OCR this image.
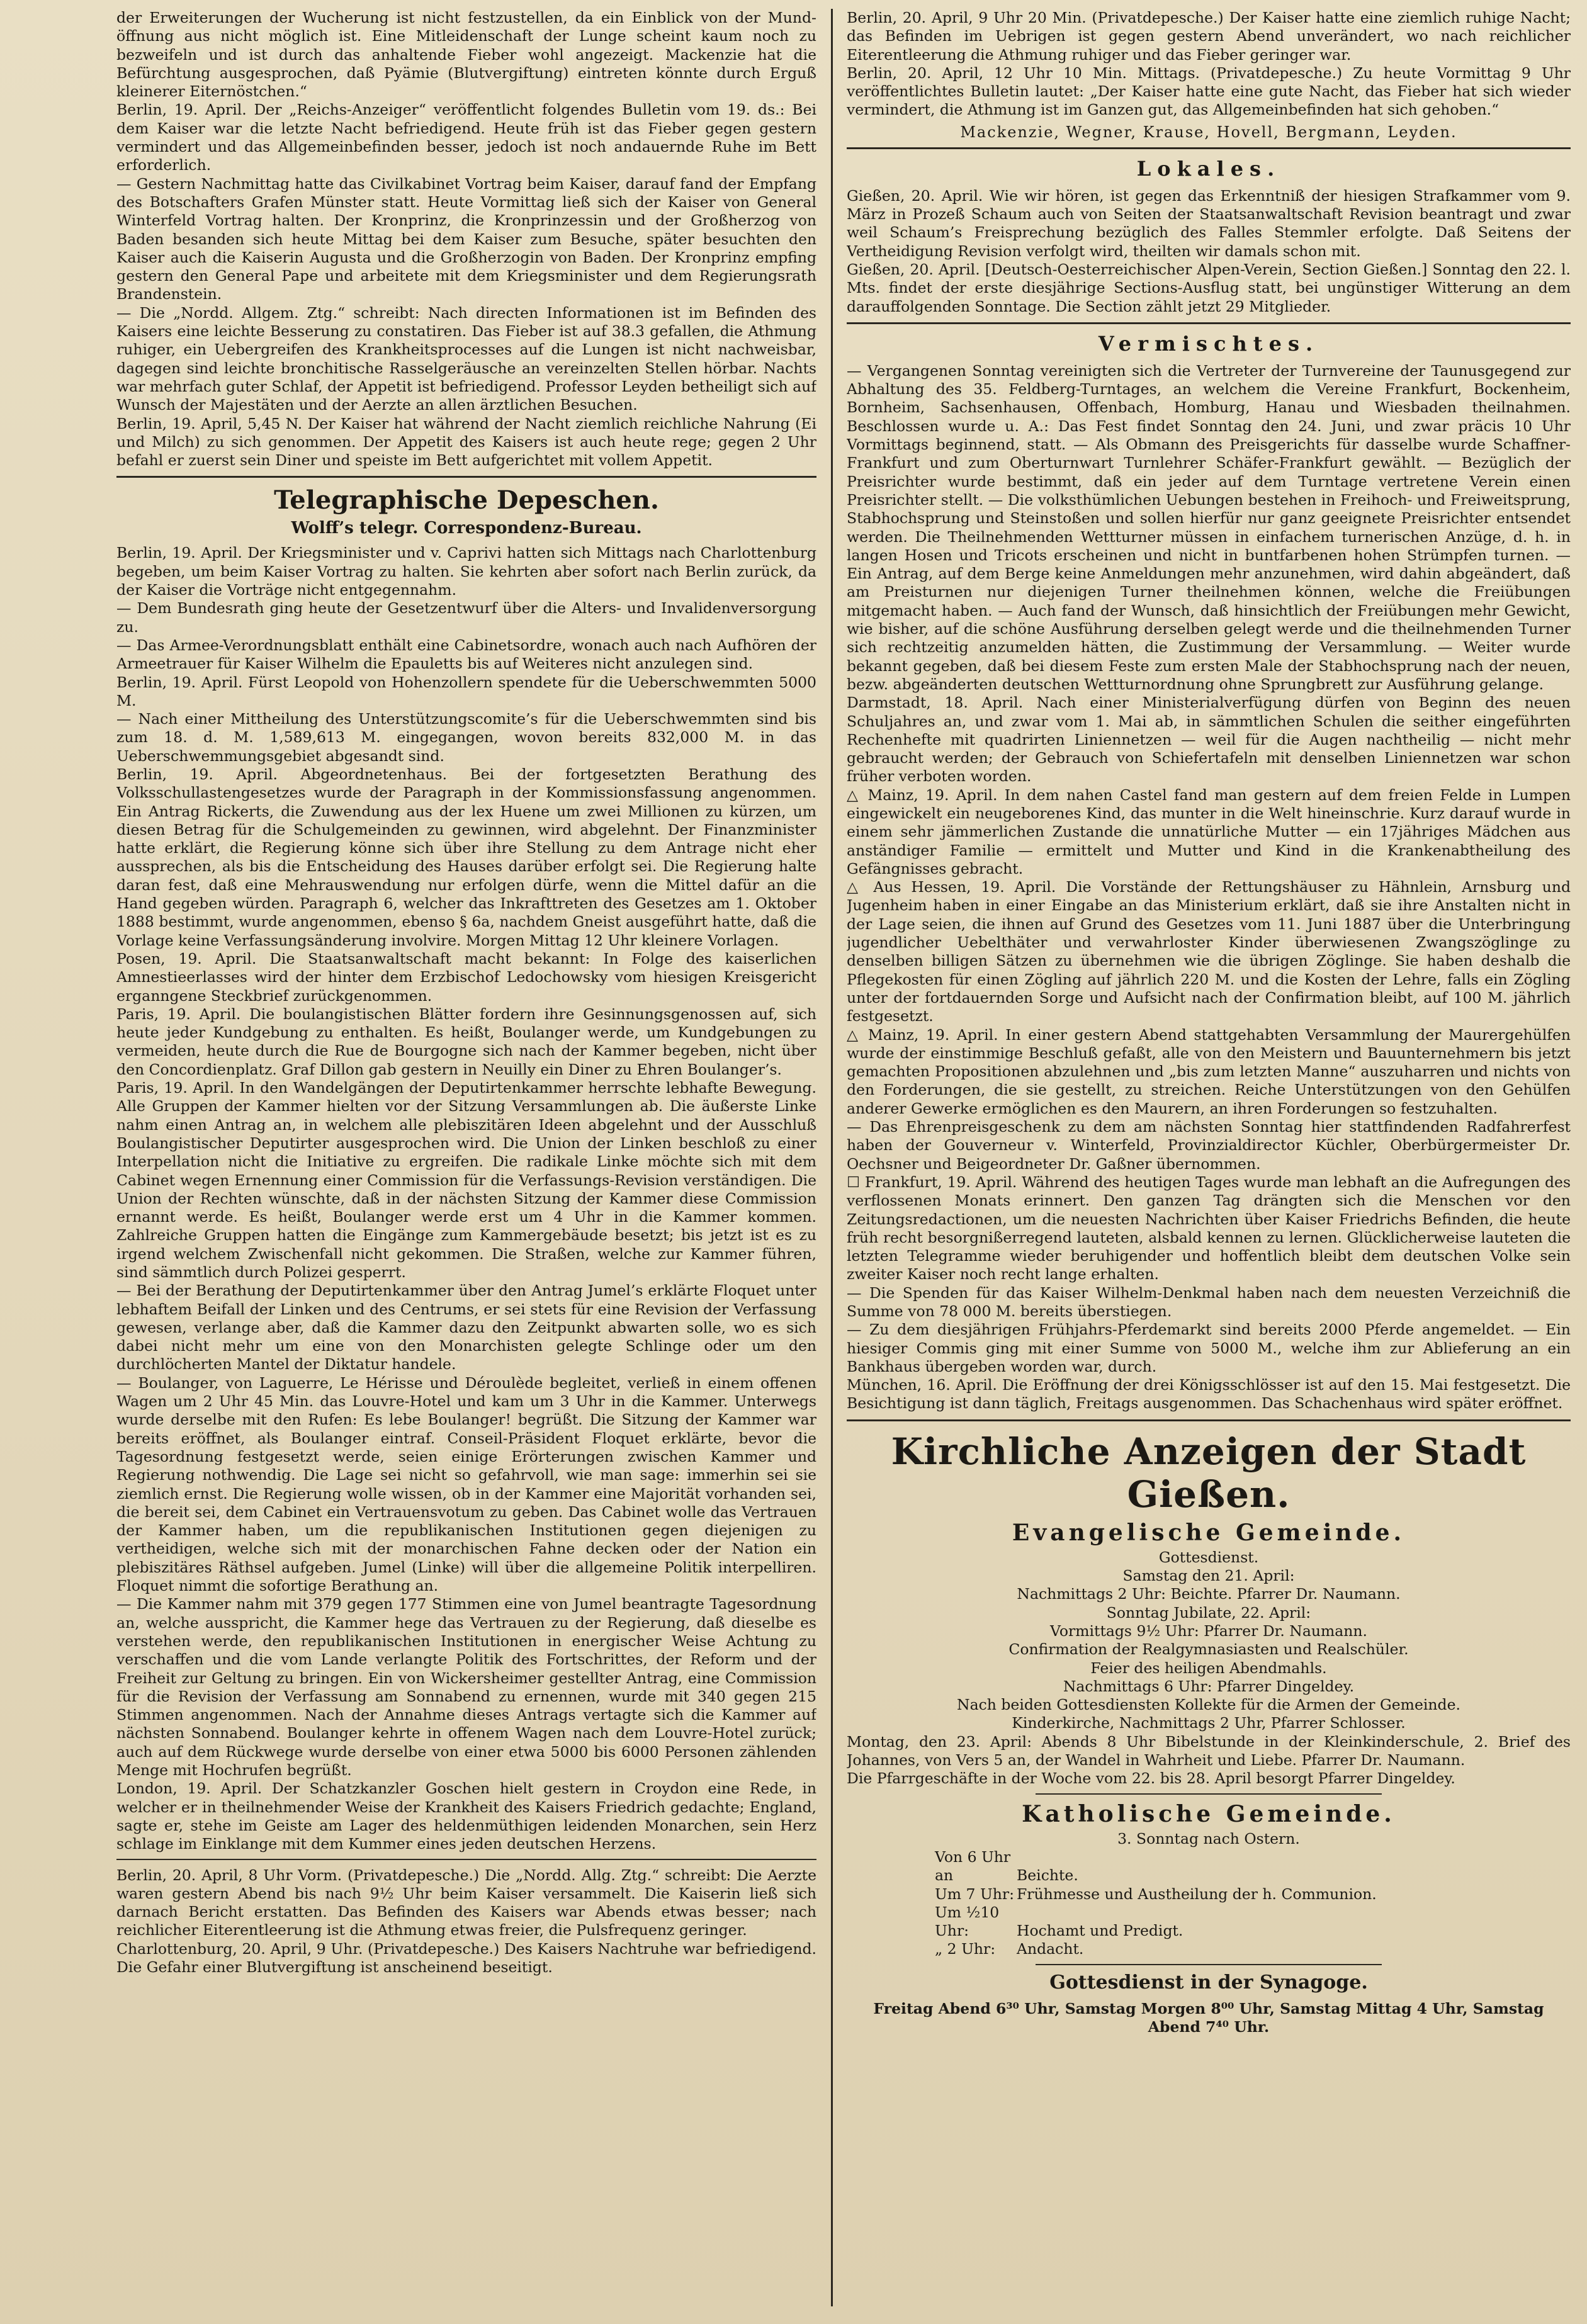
der Erweiterungen der Wucherung ist nicht festzustellen, da ein Einblick von der Mund-öffnung aus nicht möglich ist. Eine Mitleidenschaft der Lunge scheint kaum noch zu bezweifeln und ist durch das anhaltende Fieber wohl angezeigt. Mackenzie hat die Befürchtung ausgesprochen, daß Pyämie (Blutvergiftung) eintreten könnte durch Erguß kleinerer Eiternöstchen.“

Berlin, 19. April. Der „Reichs-Anzeiger“ veröffentlicht folgendes Bulletin vom 19. ds.: Bei dem Kaiser war die letzte Nacht befriedigend. Heute früh ist das Fieber gegen gestern vermindert und das Allgemeinbefinden besser, jedoch ist noch andauernde Ruhe im Bett erforderlich.

— Gestern Nachmittag hatte das Civilkabinet Vortrag beim Kaiser, darauf fand der Empfang des Botschafters Grafen Münster statt. Heute Vormittag ließ sich der Kaiser von General Winterfeld Vortrag halten. Der Kronprinz, die Kronprinzessin und der Großherzog von Baden besanden sich heute Mittag bei dem Kaiser zum Besuche, später besuchten den Kaiser auch die Kaiserin Augusta und die Großherzogin von Baden. Der Kronprinz empfing gestern den General Pape und arbeitete mit dem Kriegsminister und dem Regierungsrath Brandenstein.

— Die „Nordd. Allgem. Ztg.“ schreibt: Nach directen Informationen ist im Befinden des Kaisers eine leichte Besserung zu constatiren. Das Fieber ist auf 38.3 gefallen, die Athmung ruhiger, ein Uebergreifen des Krankheitsprocesses auf die Lungen ist nicht nachweisbar, dagegen sind leichte bronchitische Rasselgeräusche an vereinzelten Stellen hörbar. Nachts war mehrfach guter Schlaf, der Appetit ist befriedigend. Professor Leyden betheiligt sich auf Wunsch der Majestäten und der Aerzte an allen ärztlichen Besuchen.

Berlin, 19. April, 5,45 N. Der Kaiser hat während der Nacht ziemlich reichliche Nahrung (Ei und Milch) zu sich genommen. Der Appetit des Kaisers ist auch heute rege; gegen 2 Uhr befahl er zuerst sein Diner und speiste im Bett aufgerichtet mit vollem Appetit.

Telegraphische Depeschen.
Wolff’s telegr. Correspondenz-Bureau.

Berlin, 19. April. Der Kriegsminister und v. Caprivi hatten sich Mittags nach Charlottenburg begeben, um beim Kaiser Vortrag zu halten. Sie kehrten aber sofort nach Berlin zurück, da der Kaiser die Vorträge nicht entgegennahm.

— Dem Bundesrath ging heute der Gesetzentwurf über die Alters- und Invalidenversorgung zu.

— Das Armee-Verordnungsblatt enthält eine Cabinetsordre, wonach auch nach Aufhören der Armeetrauer für Kaiser Wilhelm die Epauletts bis auf Weiteres nicht anzulegen sind.

Berlin, 19. April. Fürst Leopold von Hohenzollern spendete für die Ueberschwemmten 5000 M.

— Nach einer Mittheilung des Unterstützungscomite’s für die Ueberschwemmten sind bis zum 18. d. M. 1,589,613 M. eingegangen, wovon bereits 832,000 M. in das Ueberschwemmungsgebiet abgesandt sind.

Berlin, 19. April. Abgeordnetenhaus. Bei der fortgesetzten Berathung des Volksschullastengesetzes wurde der Paragraph in der Kommissionsfassung angenommen. Ein Antrag Rickerts, die Zuwendung aus der lex Huene um zwei Millionen zu kürzen, um diesen Betrag für die Schulgemeinden zu gewinnen, wird abgelehnt. Der Finanzminister hatte erklärt, die Regierung könne sich über ihre Stellung zu dem Antrage nicht eher aussprechen, als bis die Entscheidung des Hauses darüber erfolgt sei. Die Regierung halte daran fest, daß eine Mehrauswendung nur erfolgen dürfe, wenn die Mittel dafür an die Hand gegeben würden. Paragraph 6, welcher das Inkrafttreten des Gesetzes am 1. Oktober 1888 bestimmt, wurde angenommen, ebenso § 6a, nachdem Gneist ausgeführt hatte, daß die Vorlage keine Verfassungsänderung involvire. Morgen Mittag 12 Uhr kleinere Vorlagen.

Posen, 19. April. Die Staatsanwaltschaft macht bekannt: In Folge des kaiserlichen Amnestieerlasses wird der hinter dem Erzbischof Ledochowsky vom hiesigen Kreisgericht erganngene Steckbrief zurückgenommen.

Paris, 19. April. Die boulangistischen Blätter fordern ihre Gesinnungsgenossen auf, sich heute jeder Kundgebung zu enthalten. Es heißt, Boulanger werde, um Kundgebungen zu vermeiden, heute durch die Rue de Bourgogne sich nach der Kammer begeben, nicht über den Concordienplatz. Graf Dillon gab gestern in Neuilly ein Diner zu Ehren Boulanger’s.

Paris, 19. April. In den Wandelgängen der Deputirtenkammer herrschte lebhafte Bewegung. Alle Gruppen der Kammer hielten vor der Sitzung Versammlungen ab. Die äußerste Linke nahm einen Antrag an, in welchem alle plebiszitären Ideen abgelehnt und der Ausschluß Boulangistischer Deputirter ausgesprochen wird. Die Union der Linken beschloß zu einer Interpellation nicht die Initiative zu ergreifen. Die radikale Linke möchte sich mit dem Cabinet wegen Ernennung einer Commission für die Verfassungs-Revision verständigen. Die Union der Rechten wünschte, daß in der nächsten Sitzung der Kammer diese Commission ernannt werde. Es heißt, Boulanger werde erst um 4 Uhr in die Kammer kommen. Zahlreiche Gruppen hatten die Eingänge zum Kammergebäude besetzt; bis jetzt ist es zu irgend welchem Zwischenfall nicht gekommen. Die Straßen, welche zur Kammer führen, sind sämmtlich durch Polizei gesperrt.

— Bei der Berathung der Deputirtenkammer über den Antrag Jumel’s erklärte Floquet unter lebhaftem Beifall der Linken und des Centrums, er sei stets für eine Revision der Verfassung gewesen, verlange aber, daß die Kammer dazu den Zeitpunkt abwarten solle, wo es sich dabei nicht mehr um eine von den Monarchisten gelegte Schlinge oder um den durchlöcherten Mantel der Diktatur handele.

— Boulanger, von Laguerre, Le Hérisse und Déroulède begleitet, verließ in einem offenen Wagen um 2 Uhr 45 Min. das Louvre-Hotel und kam um 3 Uhr in die Kammer. Unterwegs wurde derselbe mit den Rufen: Es lebe Boulanger! begrüßt. Die Sitzung der Kammer war bereits eröffnet, als Boulanger eintraf. Conseil-Präsident Floquet erklärte, bevor die Tagesordnung festgesetzt werde, seien einige Erörterungen zwischen Kammer und Regierung nothwendig. Die Lage sei nicht so gefahrvoll, wie man sage: immerhin sei sie ziemlich ernst. Die Regierung wolle wissen, ob in der Kammer eine Majorität vorhanden sei, die bereit sei, dem Cabinet ein Vertrauensvotum zu geben. Das Cabinet wolle das Vertrauen der Kammer haben, um die republikanischen Institutionen gegen diejenigen zu vertheidigen, welche sich mit der monarchischen Fahne decken oder der Nation ein plebiszitäres Räthsel aufgeben. Jumel (Linke) will über die allgemeine Politik interpelliren. Floquet nimmt die sofortige Berathung an.

— Die Kammer nahm mit 379 gegen 177 Stimmen eine von Jumel beantragte Tagesordnung an, welche ausspricht, die Kammer hege das Vertrauen zu der Regierung, daß dieselbe es verstehen werde, den republikanischen Institutionen in energischer Weise Achtung zu verschaffen und die vom Lande verlangte Politik des Fortschrittes, der Reform und der Freiheit zur Geltung zu bringen. Ein von Wickersheimer gestellter Antrag, eine Commission für die Revision der Verfassung am Sonnabend zu ernennen, wurde mit 340 gegen 215 Stimmen angenommen. Nach der Annahme dieses Antrags vertagte sich die Kammer auf nächsten Sonnabend. Boulanger kehrte in offenem Wagen nach dem Louvre-Hotel zurück; auch auf dem Rückwege wurde derselbe von einer etwa 5000 bis 6000 Personen zählenden Menge mit Hochrufen begrüßt.

London, 19. April. Der Schatzkanzler Goschen hielt gestern in Croydon eine Rede, in welcher er in theilnehmender Weise der Krankheit des Kaisers Friedrich gedachte; England, sagte er, stehe im Geiste am Lager des heldenmüthigen leidenden Monarchen, sein Herz schlage im Einklange mit dem Kummer eines jeden deutschen Herzens.

Berlin, 20. April, 8 Uhr Vorm. (Privatdepesche.) Die „Nordd. Allg. Ztg.“ schreibt: Die Aerzte waren gestern Abend bis nach 9½ Uhr beim Kaiser versammelt. Die Kaiserin ließ sich darnach Bericht erstatten. Das Befinden des Kaisers war Abends etwas besser; nach reichlicher Eiterentleerung ist die Athmung etwas freier, die Pulsfrequenz geringer.

Charlottenburg, 20. April, 9 Uhr. (Privatdepesche.) Des Kaisers Nachtruhe war befriedigend. Die Gefahr einer Blutvergiftung ist anscheinend beseitigt.

Berlin, 20. April, 9 Uhr 20 Min. (Privatdepesche.) Der Kaiser hatte eine ziemlich ruhige Nacht; das Befinden im Uebrigen ist gegen gestern Abend unverändert, wo nach reichlicher Eiterentleerung die Athmung ruhiger und das Fieber geringer war.

Berlin, 20. April, 12 Uhr 10 Min. Mittags. (Privatdepesche.) Zu heute Vormittag 9 Uhr veröffentlichtes Bulletin lautet: „Der Kaiser hatte eine gute Nacht, das Fieber hat sich wieder vermindert, die Athmung ist im Ganzen gut, das Allgemeinbefinden hat sich gehoben.“

Mackenzie, Wegner, Krause, Hovell, Bergmann, Leyden.
Lokales.

Gießen, 20. April. Wie wir hören, ist gegen das Erkenntniß der hiesigen Strafkammer vom 9. März in Prozeß Schaum auch von Seiten der Staatsanwaltschaft Revision beantragt und zwar weil Schaum’s Freisprechung bezüglich des Falles Stemmler erfolgte. Daß Seitens der Vertheidigung Revision verfolgt wird, theilten wir damals schon mit.

Gießen, 20. April. [Deutsch-Oesterreichischer Alpen-Verein, Section Gießen.] Sonntag den 22. l. Mts. findet der erste diesjährige Sections-Ausflug statt, bei ungünstiger Witterung an dem darauffolgenden Sonntage. Die Section zählt jetzt 29 Mitglieder.

Vermischtes.

— Vergangenen Sonntag vereinigten sich die Vertreter der Turnvereine der Taunusgegend zur Abhaltung des 35. Feldberg-Turntages, an welchem die Vereine Frankfurt, Bockenheim, Bornheim, Sachsenhausen, Offenbach, Homburg, Hanau und Wiesbaden theilnahmen. Beschlossen wurde u. A.: Das Fest findet Sonntag den 24. Juni, und zwar präcis 10 Uhr Vormittags beginnend, statt. — Als Obmann des Preisgerichts für dasselbe wurde Schaffner-Frankfurt und zum Oberturnwart Turnlehrer Schäfer-Frankfurt gewählt. — Bezüglich der Preisrichter wurde bestimmt, daß ein jeder auf dem Turntage vertretene Verein einen Preisrichter stellt. — Die volksthümlichen Uebungen bestehen in Freihoch- und Freiweitsprung, Stabhochsprung und Steinstoßen und sollen hierfür nur ganz geeignete Preisrichter entsendet werden. Die Theilnehmenden Wettturner müssen in einfachem turnerischen Anzüge, d. h. in langen Hosen und Tricots erscheinen und nicht in buntfarbenen hohen Strümpfen turnen. — Ein Antrag, auf dem Berge keine Anmeldungen mehr anzunehmen, wird dahin abgeändert, daß am Preisturnen nur diejenigen Turner theilnehmen können, welche die Freiübungen mitgemacht haben. — Auch fand der Wunsch, daß hinsichtlich der Freiübungen mehr Gewicht, wie bisher, auf die schöne Ausführung derselben gelegt werde und die theilnehmenden Turner sich rechtzeitig anzumelden hätten, die Zustimmung der Versammlung. — Weiter wurde bekannt gegeben, daß bei diesem Feste zum ersten Male der Stabhochsprung nach der neuen, bezw. abgeänderten deutschen Wettturnordnung ohne Sprungbrett zur Ausführung gelange.

Darmstadt, 18. April. Nach einer Ministerialverfügung dürfen von Beginn des neuen Schuljahres an, und zwar vom 1. Mai ab, in sämmtlichen Schulen die seither eingeführten Rechenhefte mit quadrirten Liniennetzen — weil für die Augen nachtheilig — nicht mehr gebraucht werden; der Gebrauch von Schiefertafeln mit denselben Liniennetzen war schon früher verboten worden.

△ Mainz, 19. April. In dem nahen Castel fand man gestern auf dem freien Felde in Lumpen eingewickelt ein neugeborenes Kind, das munter in die Welt hineinschrie. Kurz darauf wurde in einem sehr jämmerlichen Zustande die unnatürliche Mutter — ein 17jähriges Mädchen aus anständiger Familie — ermittelt und Mutter und Kind in die Krankenabtheilung des Gefängnisses gebracht.

△ Aus Hessen, 19. April. Die Vorstände der Rettungshäuser zu Hähnlein, Arnsburg und Jugenheim haben in einer Eingabe an das Ministerium erklärt, daß sie ihre Anstalten nicht in der Lage seien, die ihnen auf Grund des Gesetzes vom 11. Juni 1887 über die Unterbringung jugendlicher Uebelthäter und verwahrloster Kinder überwiesenen Zwangszöglinge zu denselben billigen Sätzen zu übernehmen wie die übrigen Zöglinge. Sie haben deshalb die Pflegekosten für einen Zögling auf jährlich 220 M. und die Kosten der Lehre, falls ein Zögling unter der fortdauernden Sorge und Aufsicht nach der Confirmation bleibt, auf 100 M. jährlich festgesetzt.

△ Mainz, 19. April. In einer gestern Abend stattgehabten Versammlung der Maurergehülfen wurde der einstimmige Beschluß gefaßt, alle von den Meistern und Bauunternehmern bis jetzt gemachten Propositionen abzulehnen und „bis zum letzten Manne“ auszuharren und nichts von den Forderungen, die sie gestellt, zu streichen. Reiche Unterstützungen von den Gehülfen anderer Gewerke ermöglichen es den Maurern, an ihren Forderungen so festzuhalten.

— Das Ehrenpreisgeschenk zu dem am nächsten Sonntag hier stattfindenden Radfahrerfest haben der Gouverneur v. Winterfeld, Provinzialdirector Küchler, Oberbürgermeister Dr. Oechsner und Beigeordneter Dr. Gaßner übernommen.

☐ Frankfurt, 19. April. Während des heutigen Tages wurde man lebhaft an die Aufregungen des verflossenen Monats erinnert. Den ganzen Tag drängten sich die Menschen vor den Zeitungsredactionen, um die neuesten Nachrichten über Kaiser Friedrichs Befinden, die heute früh recht besorgnißerregend lauteten, alsbald kennen zu lernen. Glücklicherweise lauteten die letzten Telegramme wieder beruhigender und hoffentlich bleibt dem deutschen Volke sein zweiter Kaiser noch recht lange erhalten.

— Die Spenden für das Kaiser Wilhelm-Denkmal haben nach dem neuesten Verzeichniß die Summe von 78 000 M. bereits überstiegen.

— Zu dem diesjährigen Frühjahrs-Pferdemarkt sind bereits 2000 Pferde angemeldet. — Ein hiesiger Commis ging mit einer Summe von 5000 M., welche ihm zur Ablieferung an ein Bankhaus übergeben worden war, durch.

München, 16. April. Die Eröffnung der drei Königsschlösser ist auf den 15. Mai festgesetzt. Die Besichtigung ist dann täglich, Freitags ausgenommen. Das Schachenhaus wird später eröffnet.

Kirchliche Anzeigen der Stadt Gießen.
Evangelische Gemeinde.
Gottesdienst.
Samstag den 21. April:
Nachmittags 2 Uhr: Beichte. Pfarrer Dr. Naumann.
Sonntag Jubilate, 22. April:
Vormittags 9½ Uhr: Pfarrer Dr. Naumann.
Confirmation der Realgymnasiasten und Realschüler.
Feier des heiligen Abendmahls.
Nachmittags 6 Uhr: Pfarrer Dingeldey.
Nach beiden Gottesdiensten Kollekte für die Armen der Gemeinde.
Kinderkirche, Nachmittags 2 Uhr, Pfarrer Schlosser.

Montag, den 23. April: Abends 8 Uhr Bibelstunde in der Kleinkinderschule, 2. Brief des Johannes, von Vers 5 an, der Wandel in Wahrheit und Liebe. Pfarrer Dr. Naumann.

Die Pfarrgeschäfte in der Woche vom 22. bis 28. April besorgt Pfarrer Dingeldey.

Katholische Gemeinde.
3. Sonntag nach Ostern.
Von 6 Uhr an	Beichte.
Um 7 Uhr: Frühmesse und Austheilung der h. Communion.
Um ½10 Uhr:	Hochamt und Predigt.
„ 2 Uhr: Andacht.
Gottesdienst in der Synagoge.
Freitag Abend 6³⁰ Uhr, Samstag Morgen 8⁰⁰ Uhr, Samstag Mittag 4 Uhr, Samstag Abend 7⁴⁰ Uhr.
